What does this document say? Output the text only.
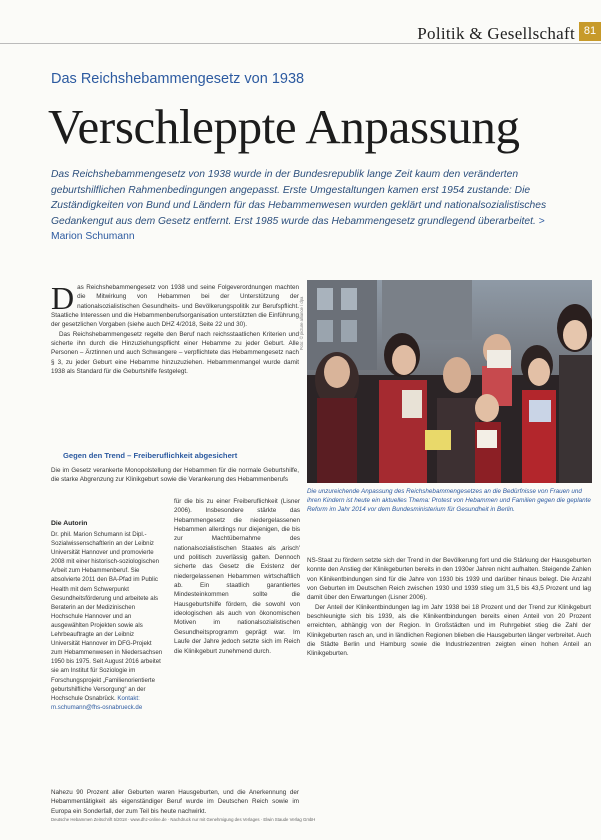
Politik & Gesellschaft 81
Das Reichshebammengesetz von 1938
Verschleppte Anpassung
Das Reichshebammengesetz von 1938 wurde in der Bundesrepublik lange Zeit kaum den veränderten geburtshilflichen Rahmenbedingungen angepasst. Erste Umgestaltungen kamen erst 1954 zustande: Die Zuständigkeiten von Bund und Ländern für das Hebammenwesen wurden geklärt und nationalsozialistisches Gedankengut aus dem Gesetz entfernt. Erst 1985 wurde das Hebammengesetz grundlegend überarbeitet. > Marion Schumann

D as Reichshebammengesetz von 1938 und seine Folgeverordnungen machten die Mitwirkung von Hebammen bei der Unterstützung der nationalsozialistischen Gesundheits- und Bevölkerungspolitik zur Berufspflicht. Staatliche Interessen und die Hebammenberufsorganisation unterstützten die Einführung der gesetzlichen Vorgaben (siehe auch DHZ 4/2018, Seite 22 und 30).

Das Reichshebammengesetz regelte den Beruf nach reichsstaatlichen Kriterien und sicherte ihn durch die Hinzuziehungspflicht einer Hebamme zu jeder Geburt. Alle Personen – Ärztinnen und auch Schwangere – verpflichtete das Hebammengesetz nach § 3, zu jeder Geburt eine Hebamme hinzuzuziehen. Hebammenmangel wurde damit 1938 als Standard für die Geburtshilfe festgelegt.

Gegen den Trend – Freiberuflichkeit abgesichert
Die im Gesetz verankerte Monopolstellung der Hebammen für die normale Geburtshilfe, die starke Abgrenzung zur Klinikgeburt sowie die Verankerung des Hebammenberufs
Die Autorin
Dr. phil. Marion Schumann ist Dipl.-Sozialwissenschaftlerin an der Leibniz Universität Hannover und promovierte 2008 mit einer historisch-soziologischen Arbeit zum Hebammenberuf. Sie absolvierte 2011 den BA-Pfad im Public Health mit dem Schwerpunkt Gesundheitsförderung und arbeitete als Beraterin an der Medizinischen Hochschule Hannover und an ausgewählten Projekten sowie als Lehrbeauftragte an der Leibniz Universität Hannover im DFG-Projekt zum Hebammenwesen in Niedersachsen 1950 bis 1975. Seit August 2016 arbeitet sie am Institut für Soziologie im Forschungsprojekt „Familienorientierte geburtshilfliche Versorgung“ an der Hochschule Osnabrück. Kontakt: m.schumann@fhs-osnabrueck.de
für die bis zu einer Freiberuflichkeit (Lisner 2006). Insbesondere stärkte das Hebammengesetz die niedergelassenen Hebammen allerdings nur diejenigen, die bis zur Machtübernahme des nationalsozialistischen Staates als ‚arisch' und politisch zuverlässig galten. Dennoch sicherte das Gesetz die Existenz der niedergelassenen Hebammen wirtschaftlich ab. Ein staatlich garantiertes Mindesteinkommen sollte die Hausgeburtshilfe fördern, die sowohl von ideologischen als auch von ökonomischen Motiven im nationalsozialistischen Gesundheitsprogramm geprägt war. Im Laufe der Jahre jedoch setzte sich im Reich die Klinikgeburt zunehmend durch.
Nahezu 90 Prozent aller Geburten waren Hausgeburten, und die Anerkennung der Hebammentätigkeit als eigenständiger Beruf wurde im Deutschen Reich sowie im Europa ein Sonderfall, der zum Teil bis heute nachwirkt.
Foto: © picture alliance / dpa
Die unzureichende Anpassung des Reichshebammengesetzes an die Bedürfnisse von Frauen und ihren Kindern ist heute ein aktuelles Thema: Protest von Hebammen und Familien gegen die geplante Reform im Jahr 2014 vor dem Bundesministerium für Gesundheit in Berlin.

NS-Staat zu fördern setzte sich der Trend in der Bevölkerung fort und die Stärkung der Hausgeburten konnte den Anstieg der Klinikgeburten bereits in den 1930er Jahren nicht aufhalten. Steigende Zahlen von Klinikentbindungen sind für die Jahre von 1930 bis 1939 und darüber hinaus belegt. Die Anzahl von Geburten im Deutschen Reich zwischen 1930 und 1939 stieg um 31,5 bis 43,5 Prozent und lag damit über den Erwartungen (Lisner 2006).

Der Anteil der Klinikentbindungen lag im Jahr 1938 bei 18 Prozent und der Trend zur Klinikgeburt beschleunigte sich bis 1939, als die Klinikentbindungen bereits einen Anteil von 20 Prozent erreichten, abhängig von der Region. In Großstädten und im Ruhrgebiet stieg die Zahl der Klinikgeburten rasch an, und in ländlichen Regionen blieben die Hausgeburten länger verbreitet. Auch die Städte Berlin und Hamburg sowie die Industriezentren zeigten einen hohen Anteil an Klinikgeburten.

Deutsche Hebammen Zeitschrift 5/2018 · www.dhz-online.de · Nachdruck nur mit Genehmigung des Verlages · Elwin Staude Verlag GmbH
